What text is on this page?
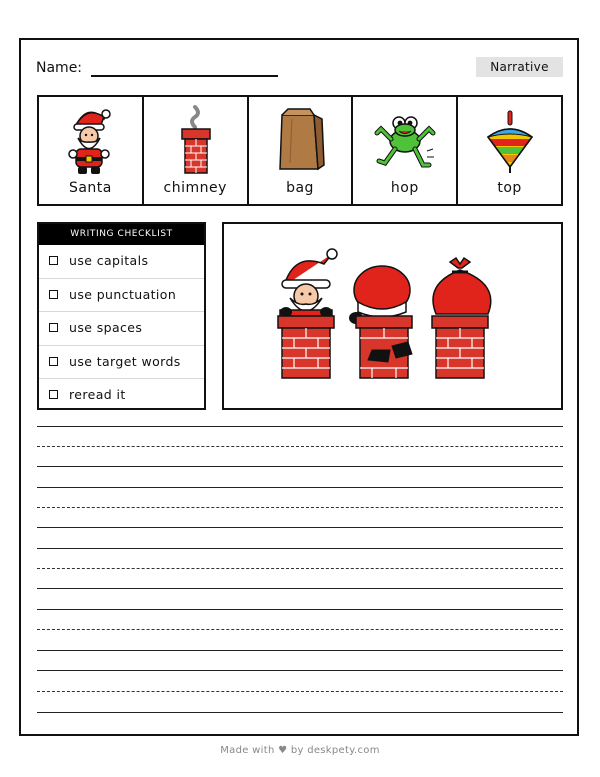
Name:	Narrative
Santa	chimney	bag	hop	top
WRITING CHECKLIST
use capitals
use punctuation
use spaces
use target words
reread it
Made with ♥ by deskpety.com
